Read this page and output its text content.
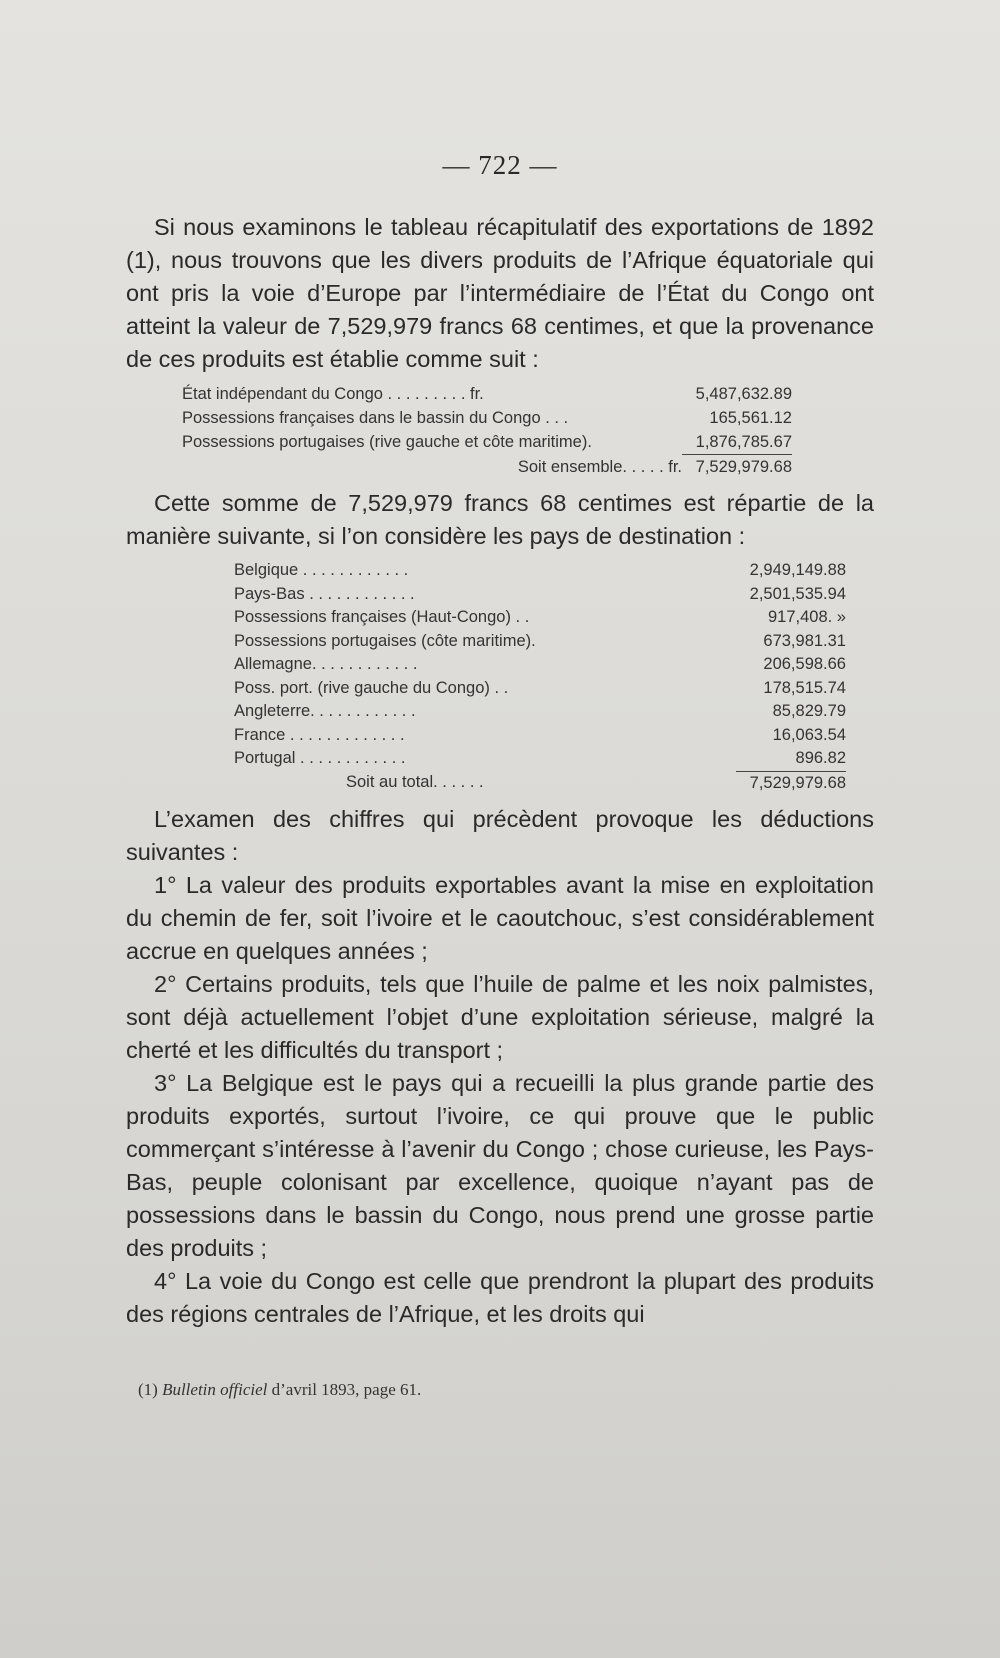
— 722 —

Si nous examinons le tableau récapitulatif des exportations de 1892 (1), nous trouvons que les divers produits de l’Afrique équatoriale qui ont pris la voie d’Europe par l’intermédiaire de l’État du Congo ont atteint la valeur de 7,529,979 francs 68 centimes, et que la provenance de ces produits est établie comme suit :

État indépendant du Congo . . . . . . . . . fr.	5,487,632.89
Possessions françaises dans le bassin du Congo . . .	165,561.12
Possessions portugaises (rive gauche et côte maritime).	1,876,785.67
Soit ensemble. . . . . fr.	7,529,979.68

Cette somme de 7,529,979 francs 68 centimes est répartie de la manière suivante, si l’on considère les pays de destination :

Belgique . . . . . . . . . . . .	2,949,149.88
Pays-Bas . . . . . . . . . . . .	2,501,535.94
Possessions françaises (Haut-Congo) . .	917,408. »
Possessions portugaises (côte maritime).	673,981.31
Allemagne. . . . . . . . . . . .	206,598.66
Poss. port. (rive gauche du Congo) . .	178,515.74
Angleterre. . . . . . . . . . . .	85,829.79
France . . . . . . . . . . . . .	16,063.54
Portugal . . . . . . . . . . . .	896.82
Soit au total. . . . . .	7,529,979.68

L’examen des chiffres qui précèdent provoque les déductions suivantes :

1° La valeur des produits exportables avant la mise en exploitation du chemin de fer, soit l’ivoire et le caoutchouc, s’est considérablement accrue en quelques années ;

2° Certains produits, tels que l’huile de palme et les noix palmistes, sont déjà actuellement l’objet d’une exploitation sérieuse, malgré la cherté et les difficultés du transport ;

3° La Belgique est le pays qui a recueilli la plus grande partie des produits exportés, surtout l’ivoire, ce qui prouve que le public commerçant s’intéresse à l’avenir du Congo ; chose curieuse, les Pays-Bas, peuple colonisant par excellence, quoique n’ayant pas de possessions dans le bassin du Congo, nous prend une grosse partie des produits ;

4° La voie du Congo est celle que prendront la plupart des produits des régions centrales de l’Afrique, et les droits qui

(1) Bulletin officiel d’avril 1893, page 61.
